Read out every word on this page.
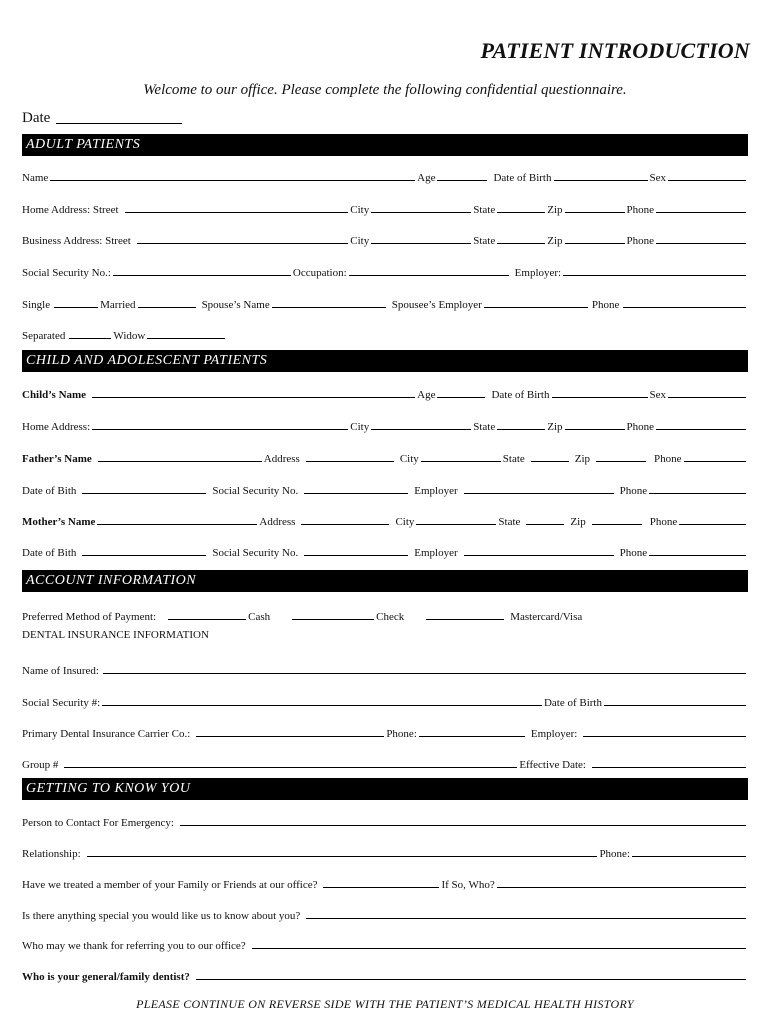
PATIENT INTRODUCTION
Welcome to our office. Please complete the following confidential questionnaire.
Date
ADULT PATIENTS
Name	Age	Date of Birth	Sex
Home Address: Street	City	State	Zip	Phone
Business Address: Street	City	State	Zip	Phone
Social Security No.:	Occupation:	Employer:
Single	Married	Spouse’s Name	Spousee’s Employer	Phone
Separated	Widow
CHILD AND ADOLESCENT PATIENTS
Child’s Name	Age	Date of Birth	Sex
Home Address:	City	State	Zip	Phone
Father’s Name	Address	City	State	Zip	Phone
Date of Bith	Social Security No.	Employer	Phone
Mother’s Name	Address	City	State	Zip	Phone
Date of Bith	Social Security No.	Employer	Phone
ACCOUNT INFORMATION
Preferred Method of Payment:	Cash	Check	Mastercard/Visa
DENTAL INSURANCE INFORMATION
Name of Insured:
Social Security #:	Date of Birth
Primary Dental Insurance Carrier Co.:	Phone:	Employer:
Group #	Effective Date:
GETTING TO KNOW YOU
Person to Contact For Emergency:
Relationship:	Phone:
Have we treated a member of your Family or Friends at our office?	If So, Who?
Is there anything special you would like us to know about you?
Who may we thank for referring you to our office?
Who is your general/family dentist?
PLEASE CONTINUE ON REVERSE SIDE WITH THE PATIENT’S MEDICAL HEALTH HISTORY
